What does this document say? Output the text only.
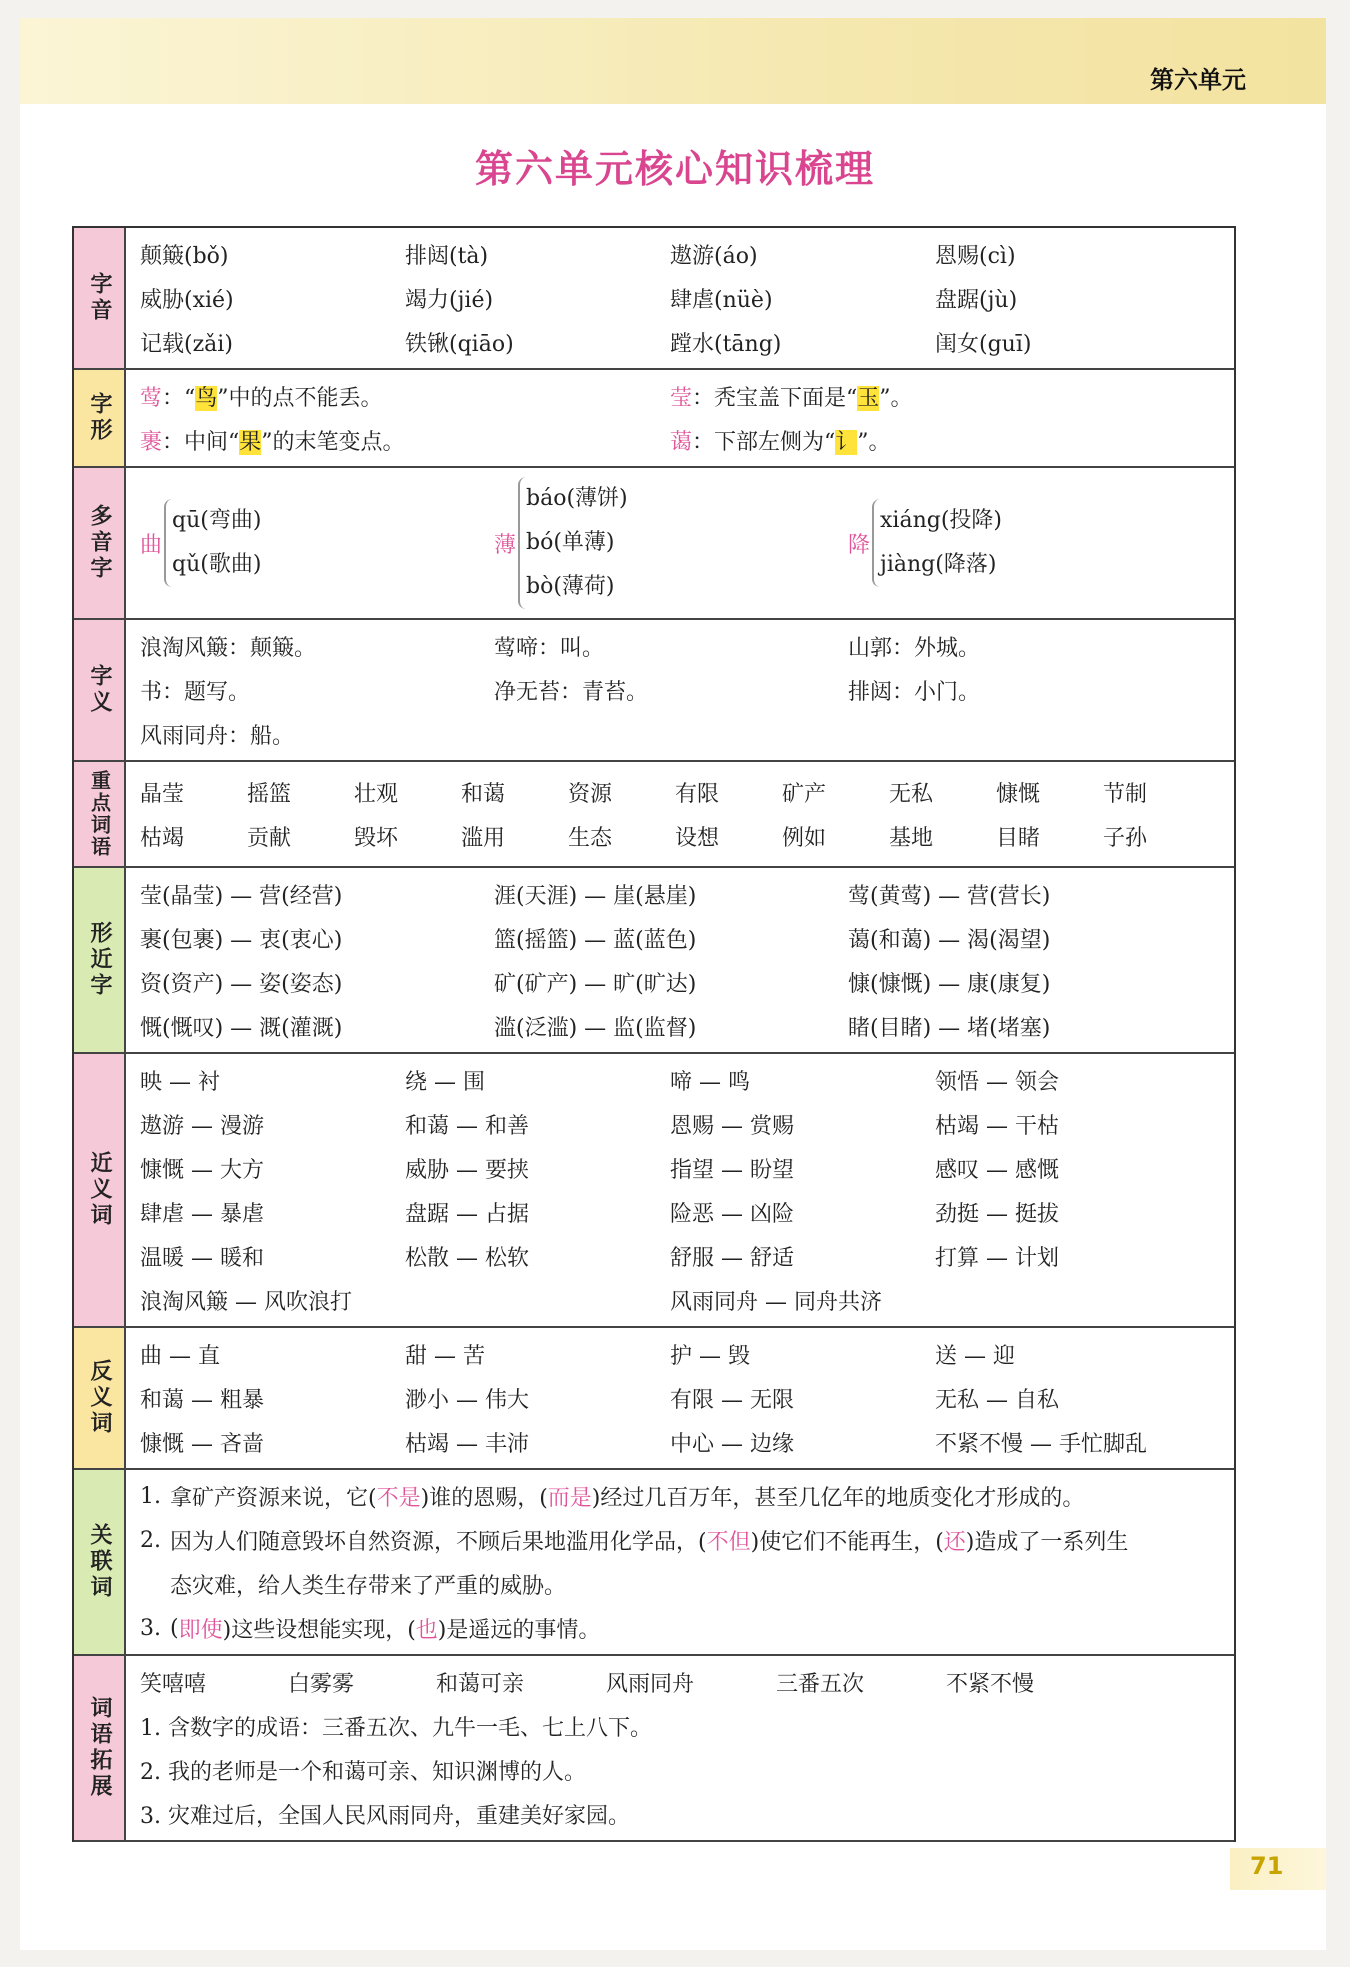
第六单元
第六单元核心知识梳理
字音
颠簸(bǒ)	排闼(tà)	遨游(áo)	恩赐(cì)
威胁(xié)	竭力(jié)	肆虐(nüè)	盘踞(jù)
记载(zǎi)	铁锹(qiāo)	蹚水(tāng)	闺女(guī)
字形 莺：“鸟”中的点不能丢。	莹：秃宝盖下面是“玉”。
裹：中间“果”的末笔变点。	蔼：下部左侧为“讠”。
多音字 曲
qū(弯曲)
qǔ(歌曲)
薄
báo(薄饼)
bó(单薄)
bò(薄荷)
降
xiáng(投降)
jiàng(降落)
字义
浪淘风簸：颠簸。	莺啼：叫。	山郭：外城。
书：题写。	净无苔：青苔。	排闼：小门。
风雨同舟：船。
重点词语 晶莹	摇篮	壮观	和蔼	资源	有限	矿产	无私	慷慨	节制
枯竭	贡献	毁坏	滥用	生态	设想	例如	基地	目睹	子孙
形近字
莹(晶莹) — 营(经营)	涯(天涯) — 崖(悬崖)	莺(黄莺) — 营(营长)
裹(包裹) — 衷(衷心)	篮(摇篮) — 蓝(蓝色)	蔼(和蔼) — 渴(渴望)
资(资产) — 姿(姿态)	矿(矿产) — 旷(旷达)	慷(慷慨) — 康(康复)
慨(慨叹) — 溉(灌溉)	滥(泛滥) — 监(监督)	睹(目睹) — 堵(堵塞)
近义词
映 — 衬	绕 — 围	啼 — 鸣	领悟 — 领会
遨游 — 漫游	和蔼 — 和善	恩赐 — 赏赐	枯竭 — 干枯
慷慨 — 大方	威胁 — 要挟	指望 — 盼望	感叹 — 感慨
肆虐 — 暴虐	盘踞 — 占据	险恶 — 凶险	劲挺 — 挺拔
温暖 — 暖和	松散 — 松软	舒服 — 舒适	打算 — 计划
浪淘风簸 — 风吹浪打	风雨同舟 — 同舟共济
反义词
曲 — 直	甜 — 苦	护 — 毁	送 — 迎
和蔼 — 粗暴	渺小 — 伟大	有限 — 无限	无私 — 自私
慷慨 — 吝啬	枯竭 — 丰沛	中心 — 边缘	不紧不慢 — 手忙脚乱
关联词
1. 拿矿产资源来说，它( 不是 )谁的恩赐，( 而是 )经过几百万年，甚至几亿年的地质变化才形成的。
2. 因为人们随意毁坏自然资源，不顾后果地滥用化学品，( 不但 )使它们不能再生，( 还 )造成了一系列生
态灾难，给人类生存带来了严重的威胁。
3. ( 即使 )这些设想能实现，( 也 )是遥远的事情。
词语拓展
笑嘻嘻	白雾雾	和蔼可亲	风雨同舟	三番五次	不紧不慢
1. 含数字的成语：三番五次、九牛一毛、七上八下。
2. 我的老师是一个和蔼可亲、知识渊博的人。
3. 灾难过后，全国人民风雨同舟，重建美好家园。
71
